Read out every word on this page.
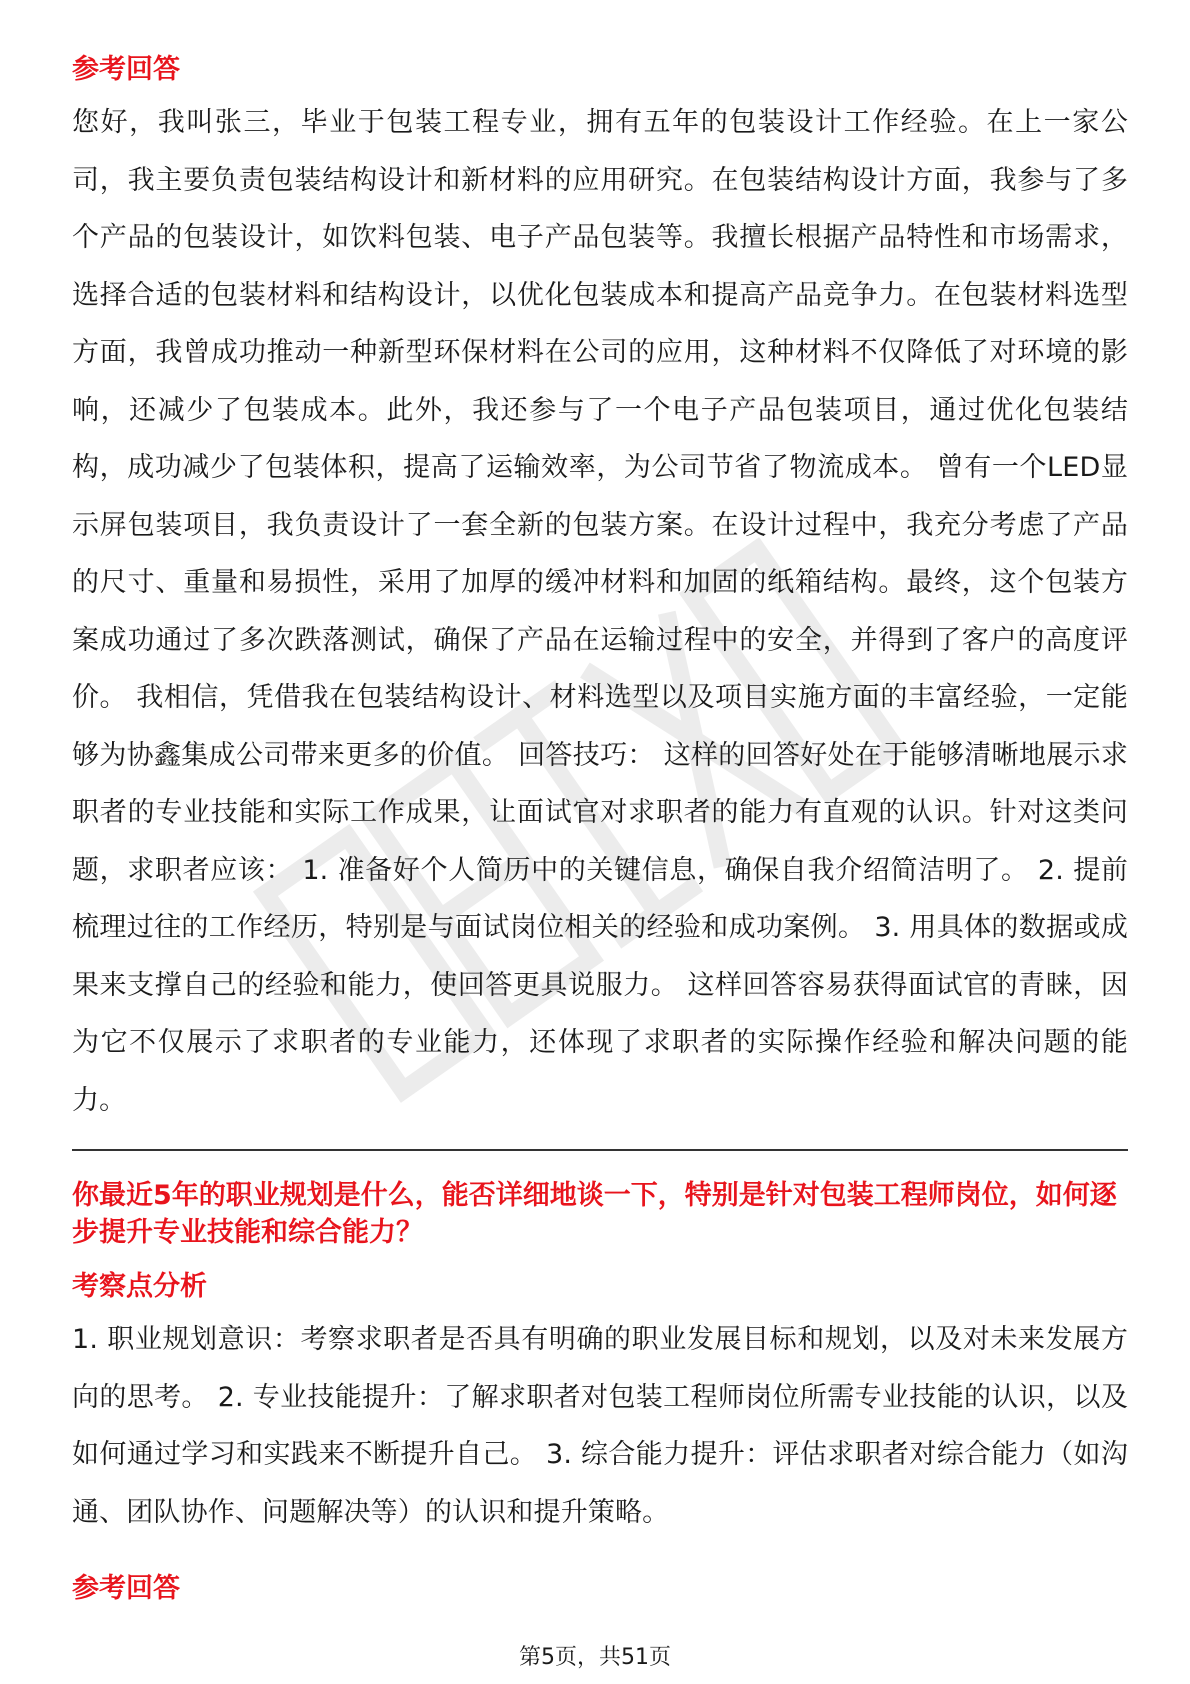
参考回答

您好，我叫张三，毕业于包装工程专业，拥有五年的包装设计工作经验。在上一家公司，我主要负责包装结构设计和新材料的应用研究。在包装结构设计方面，我参与了多个产品的包装设计，如饮料包装、电子产品包装等。我擅长根据产品特性和市场需求，选择合适的包装材料和结构设计，以优化包装成本和提高产品竞争力。在包装材料选型方面，我曾成功推动一种新型环保材料在公司的应用，这种材料不仅降低了对环境的影响，还减少了包装成本。此外，我还参与了一个电子产品包装项目，通过优化包装结构，成功减少了包装体积，提高了运输效率，为公司节省了物流成本。 曾有一个LED显示屏包装项目，我负责设计了一套全新的包装方案。在设计过程中，我充分考虑了产品的尺寸、重量和易损性，采用了加厚的缓冲材料和加固的纸箱结构。最终，这个包装方案成功通过了多次跌落测试，确保了产品在运输过程中的安全，并得到了客户的高度评价。 我相信，凭借我在包装结构设计、材料选型以及项目实施方面的丰富经验，一定能够为协鑫集成公司带来更多的价值。 回答技巧： 这样的回答好处在于能够清晰地展示求职者的专业技能和实际工作成果，让面试官对求职者的能力有直观的认识。针对这类问题，求职者应该： 1. 准备好个人简历中的关键信息，确保自我介绍简洁明了。 2. 提前梳理过往的工作经历，特别是与面试岗位相关的经验和成功案例。 3. 用具体的数据或成果来支撑自己的经验和能力，使回答更具说服力。 这样回答容易获得面试官的青睐，因为它不仅展示了求职者的专业能力，还体现了求职者的实际操作经验和解决问题的能力。

你最近5年的职业规划是什么，能否详细地谈一下，特别是针对包装工程师岗位，如何逐步提升专业技能和综合能力？
考察点分析

1. 职业规划意识：考察求职者是否具有明确的职业发展目标和规划，以及对未来发展方向的思考。 2. 专业技能提升：了解求职者对包装工程师岗位所需专业技能的认识，以及如何通过学习和实践来不断提升自己。 3. 综合能力提升：评估求职者对综合能力（如沟通、团队协作、问题解决等）的认识和提升策略。

参考回答
第5页，共51页
